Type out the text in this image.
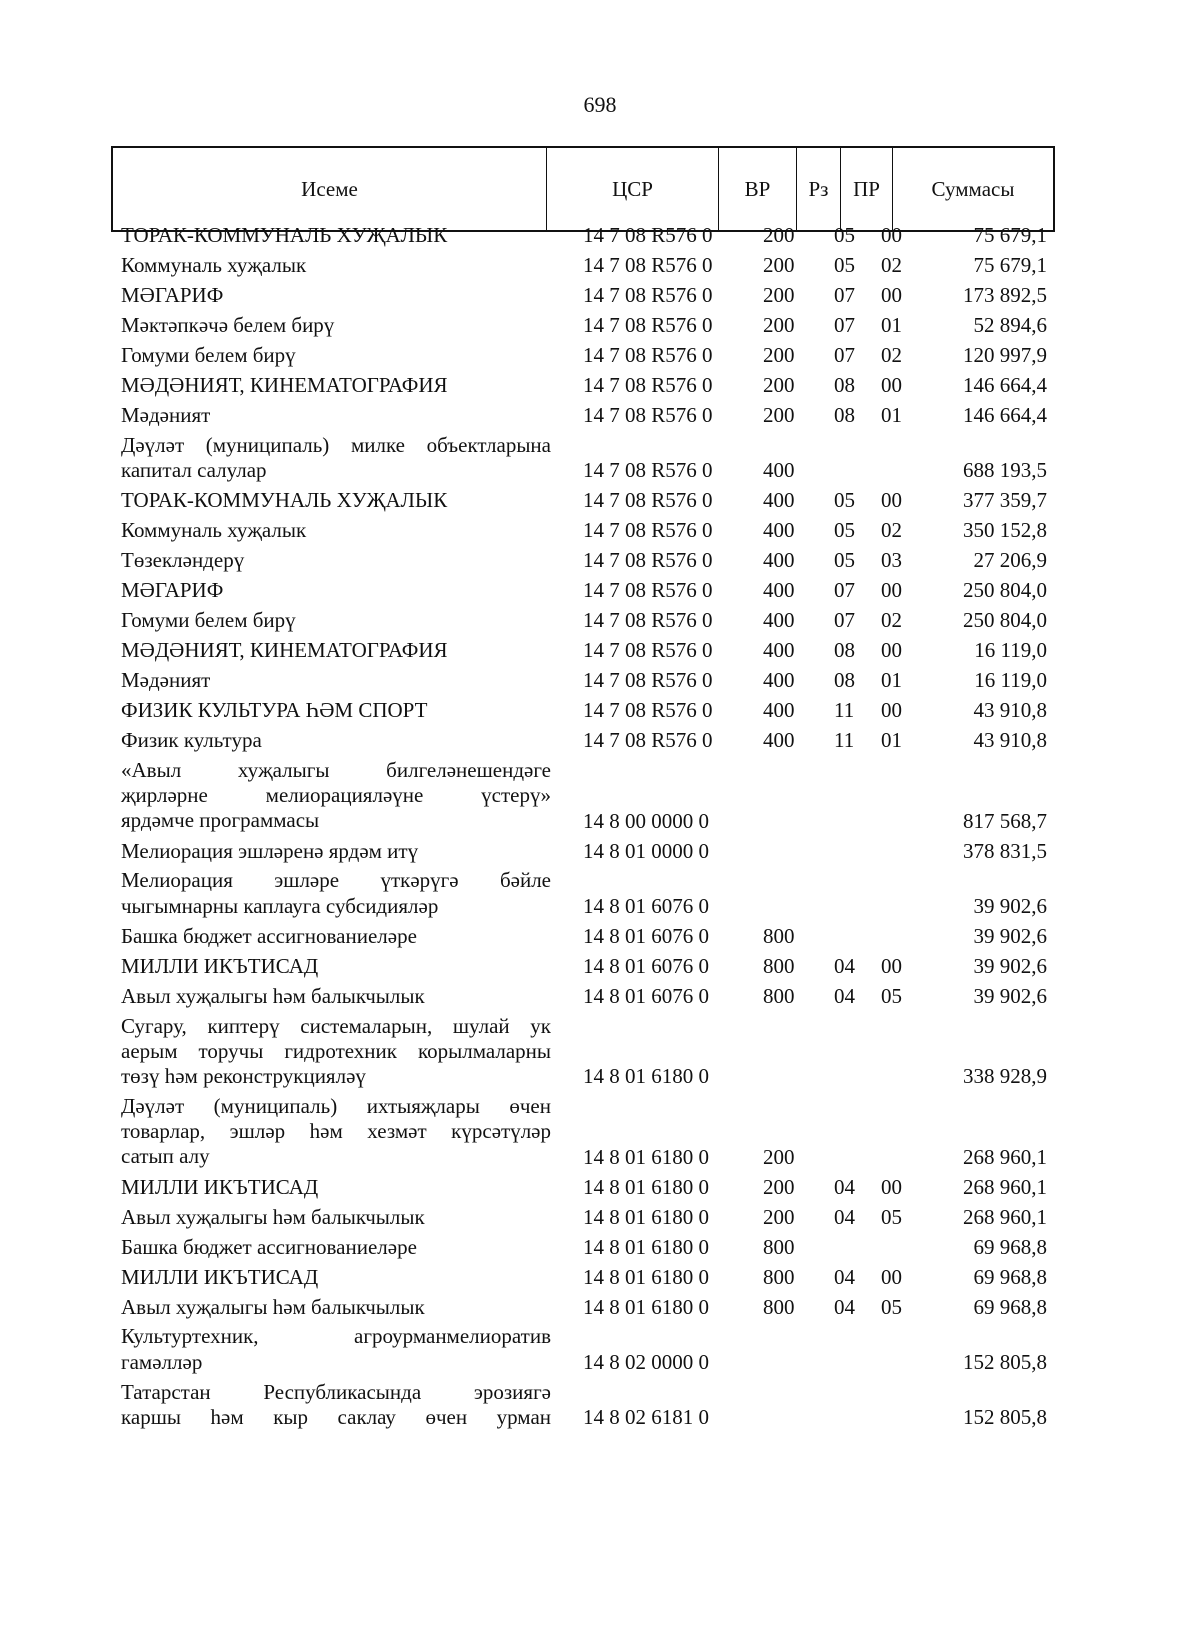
698
Исеме	ЦСР	ВР	Рз	ПР	Суммасы
ТОРАК-КОММУНАЛЬ ХУҖАЛЫК	14 7 08 R576 0	200	05	00	75 679,1
Коммуналь хуҗалык	14 7 08 R576 0	200	05	02	75 679,1
МӘГАРИФ	14 7 08 R576 0	200	07	00	173 892,5
Мәктәпкәчә белем бирү	14 7 08 R576 0	200	07	01	52 894,6
Гомуми белем бирү	14 7 08 R576 0	200	07	02	120 997,9
МӘДӘНИЯТ, КИНЕМАТОГРАФИЯ	14 7 08 R576 0	200	08	00	146 664,4
Мәдәният	14 7 08 R576 0	200	08	01	146 664,4
Дәүләт (муниципаль) милке объектларына
капитал салулар	14 7 08 R576 0	400	688 193,5
ТОРАК-КОММУНАЛЬ ХУҖАЛЫК	14 7 08 R576 0	400	05	00	377 359,7
Коммуналь хуҗалык	14 7 08 R576 0	400	05	02	350 152,8
Төзекләндерү	14 7 08 R576 0	400	05	03	27 206,9
МӘГАРИФ	14 7 08 R576 0	400	07	00	250 804,0
Гомуми белем бирү	14 7 08 R576 0	400	07	02	250 804,0
МӘДӘНИЯТ, КИНЕМАТОГРАФИЯ	14 7 08 R576 0	400	08	00	16 119,0
Мәдәният	14 7 08 R576 0	400	08	01	16 119,0
ФИЗИК КУЛЬТУРА ҺӘМ СПОРТ	14 7 08 R576 0	400	11	00	43 910,8
Физик культура	14 7 08 R576 0	400	11	01	43 910,8
«Авыл хуҗалыгы билгеләнешендәге
җирләрне мелиорацияләүне үстерү»
ярдәмче программасы	14 8 00 0000 0	817 568,7
Мелиорация эшләренә ярдәм итү	14 8 01 0000 0	378 831,5
Мелиорация эшләре үткәрүгә бәйле
чыгымнарны каплауга субсидияләр	14 8 01 6076 0	39 902,6
Башка бюджет ассигнованиеләре	14 8 01 6076 0	800	39 902,6
МИЛЛИ ИКЪТИСАД	14 8 01 6076 0	800	04	00	39 902,6
Авыл хуҗалыгы һәм балыкчылык	14 8 01 6076 0	800	04	05	39 902,6
Сугару, киптерү системаларын, шулай ук
аерым торучы гидротехник корылмаларны
төзү һәм реконструкцияләү	14 8 01 6180 0	338 928,9
Дәүләт (муниципаль) ихтыяҗлары өчен
товарлар, эшләр һәм хезмәт күрсәтүләр
сатып алу	14 8 01 6180 0	200	268 960,1
МИЛЛИ ИКЪТИСАД	14 8 01 6180 0	200	04	00	268 960,1
Авыл хуҗалыгы һәм балыкчылык	14 8 01 6180 0	200	04	05	268 960,1
Башка бюджет ассигнованиеләре	14 8 01 6180 0	800	69 968,8
МИЛЛИ ИКЪТИСАД	14 8 01 6180 0	800	04	00	69 968,8
Авыл хуҗалыгы һәм балыкчылык	14 8 01 6180 0	800	04	05	69 968,8
Культуртехник, агроурманмелиоратив
гамәлләр	14 8 02 0000 0	152 805,8
Татарстан Республикасында эрозиягә
каршы һәм кыр саклау өчен урман 14 8 02 6181 0	152 805,8
